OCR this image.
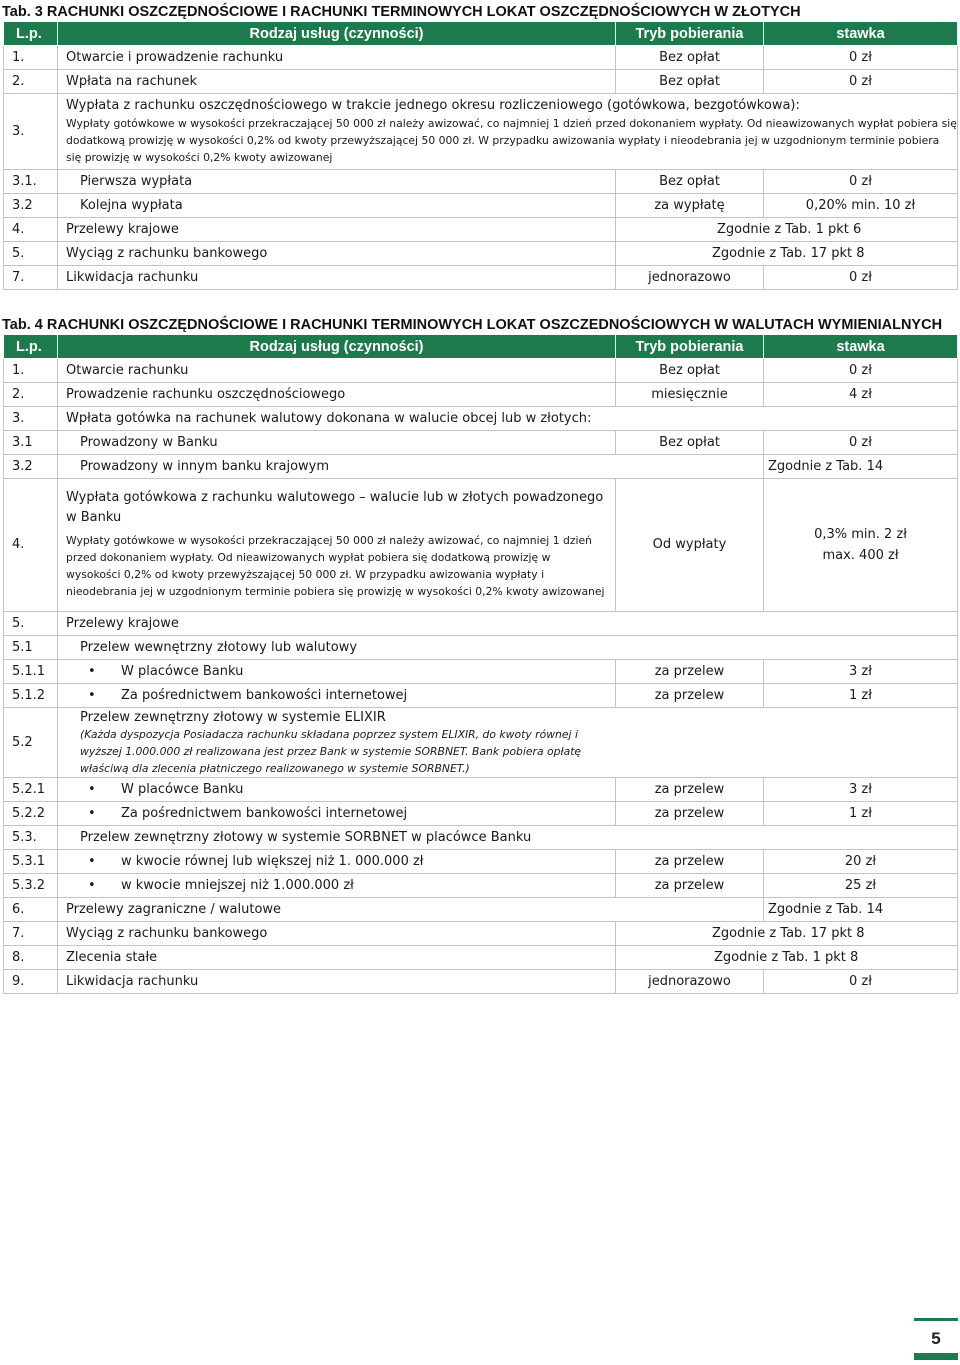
Tab. 3 RACHUNKI OSZCZĘDNOŚCIOWE I RACHUNKI TERMINOWYCH LOKAT OSZCZĘDNOŚCIOWYCH W ZŁOTYCH
L.p.	Rodzaj usług (czynności)	Tryb pobierania	stawka
1.	Otwarcie i prowadzenie rachunku	Bez opłat	0 zł
2.	Wpłata na rachunek	Bez opłat	0 zł
3.	Wypłata z rachunku oszczędnościowego w trakcie jednego okresu rozliczeniowego (gotówkowa, bezgotówkowa):
Wypłaty gotówkowe w wysokości przekraczającej 50 000 zł należy awizować, co najmniej 1 dzień przed dokonaniem wypłaty. Od nieawizowanych wypłat pobiera się dodatkową prowizję w wysokości 0,2% od kwoty przewyższającej 50 000 zł. W przypadku awizowania wypłaty i nieodebrania jej w uzgodnionym terminie pobiera się prowizję w wysokości 0,2% kwoty awizowanej		

3.1.	Pierwsza wypłata	Bez opłat	0 zł
3.2	Kolejna wypłata	za wypłatę	0,20% min. 10 zł
4.	Przelewy krajowe	Zgodnie z Tab. 1 pkt 6	
5.	Wyciąg z rachunku bankowego	Zgodnie z Tab. 17 pkt 8	
7.	Likwidacja rachunku	jednorazowo	0 zł
Tab. 4 RACHUNKI OSZCZĘDNOŚCIOWE I RACHUNKI TERMINOWYCH LOKAT OSZCZEDNOŚCIOWYCH W WALUTACH WYMIENIALNYCH
L.p.	Rodzaj usług (czynności)	Tryb pobierania	stawka
1.	Otwarcie rachunku	Bez opłat	0 zł
2.	Prowadzenie rachunku oszczędnościowego	miesięcznie	4 zł
3.	Wpłata gotówka na rachunek walutowy dokonana w walucie obcej lub w złotych:		
3.1	Prowadzony w Banku	Bez opłat	0 zł
3.2	Prowadzony w innym banku krajowym		Zgodnie z Tab. 14
4.	Wypłata gotówkowa z rachunku walutowego – walucie lub w złotych powadzonego w Banku
Wypłaty gotówkowe w wysokości przekraczającej 50 000 zł należy awizować, co najmniej 1 dzień przed dokonaniem wypłaty. Od nieawizowanych wypłat pobiera się dodatkową prowizję w wysokości 0,2% od kwoty przewyższającej 50 000 zł. W przypadku awizowania wypłaty i nieodebrania jej w uzgodnionym terminie pobiera się prowizję w wysokości 0,2% kwoty awizowanej	Od wypłaty	0,3% min. 2 zł
max. 400 zł

5.	Przelewy krajowe		
5.1	Przelew wewnętrzny złotowy lub walutowy		
5.1.1	• W placówce Banku	za przelew	3 zł
5.1.2	• Za pośrednictwem bankowości internetowej	za przelew	1 zł
5.2	Przelew zewnętrzny złotowy w systemie ELIXIR
(Każda dyspozycja Posiadacza rachunku składana poprzez system ELIXIR, do kwoty równej i wyższej 1.000.000 zł realizowana jest przez Bank w systemie SORBNET. Bank pobiera opłatę właściwą dla zlecenia płatniczego realizowanego w systemie SORBNET.)		

5.2.1	• W placówce Banku	za przelew	3 zł
5.2.2	• Za pośrednictwem bankowości internetowej	za przelew	1 zł
5.3.	Przelew zewnętrzny złotowy w systemie SORBNET w placówce Banku		
5.3.1	• w kwocie równej lub większej niż 1. 000.000 zł	za przelew	20 zł
5.3.2	• w kwocie mniejszej niż 1.000.000 zł	za przelew	25 zł
6.	Przelewy zagraniczne / walutowe		Zgodnie z Tab. 14
7.	Wyciąg z rachunku bankowego	Zgodnie z Tab. 17 pkt 8	
8.	Zlecenia stałe	Zgodnie z Tab. 1 pkt 8	
9.	Likwidacja rachunku	jednorazowo	0 zł
5
